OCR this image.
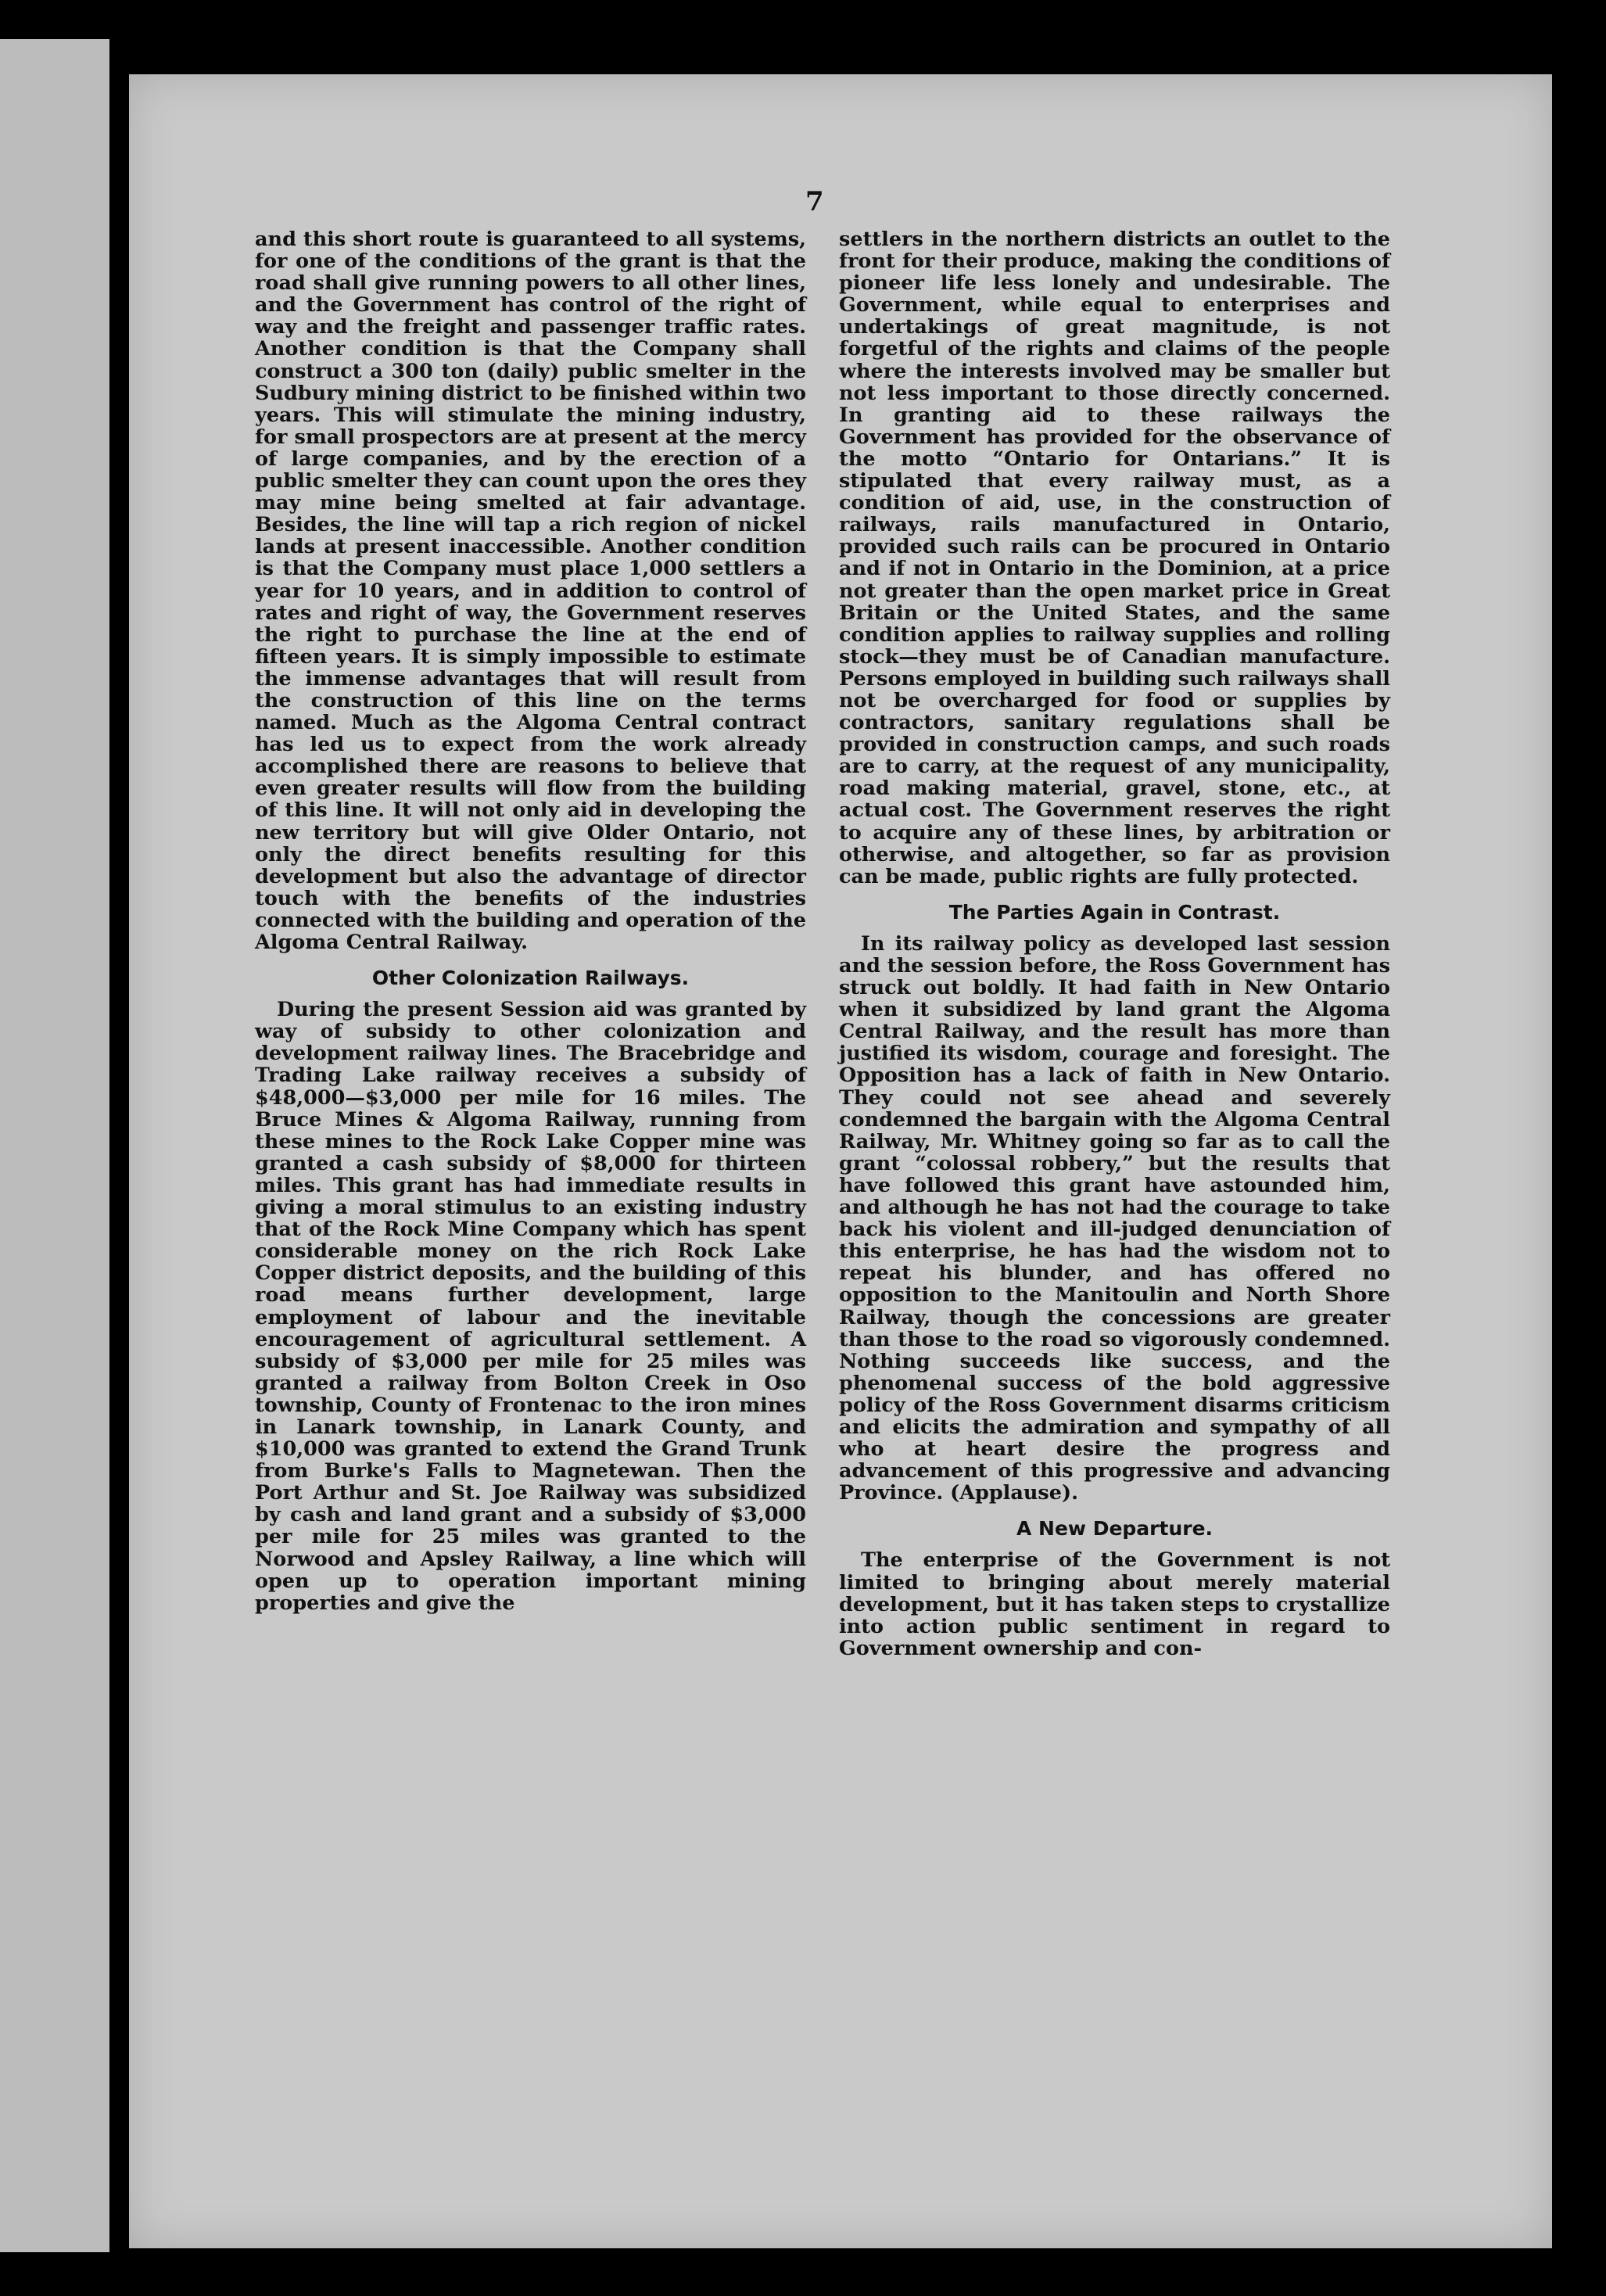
7

and this short route is guaranteed to all systems, for one of the conditions of the grant is that the road shall give running powers to all other lines, and the Government has control of the right of way and the freight and passenger traffic rates. Another condition is that the Company shall construct a 300 ton (daily) public smelter in the Sudbury mining district to be finished within two years. This will stimulate the mining industry, for small prospectors are at present at the mercy of large companies, and by the erection of a public smelter they can count upon the ores they may mine being smelted at fair advantage. Besides, the line will tap a rich region of nickel lands at present inaccessible. Another condition is that the Company must place 1,000 settlers a year for 10 years, and in addition to control of rates and right of way, the Government reserves the right to purchase the line at the end of fifteen years. It is simply impossible to estimate the immense advantages that will result from the construction of this line on the terms named. Much as the Algoma Central contract has led us to expect from the work already accomplished there are reasons to believe that even greater results will flow from the building of this line. It will not only aid in developing the new territory but will give Older Ontario, not only the direct benefits resulting for this development but also the advantage of director touch with the benefits of the industries connected with the building and operation of the Algoma Central Railway.

Other Colonization Railways.

During the present Session aid was granted by way of subsidy to other colonization and development railway lines. The Bracebridge and Trading Lake railway receives a subsidy of $48,000—$3,000 per mile for 16 miles. The Bruce Mines & Algoma Railway, running from these mines to the Rock Lake Copper mine was granted a cash subsidy of $8,000 for thirteen miles. This grant has had immediate results in giving a moral stimulus to an existing industry that of the Rock Mine Company which has spent considerable money on the rich Rock Lake Copper district deposits, and the building of this road means further development, large employment of labour and the inevitable encouragement of agricultural settlement. A subsidy of $3,000 per mile for 25 miles was granted a railway from Bolton Creek in Oso township, County of Frontenac to the iron mines in Lanark township, in Lanark County, and $10,000 was granted to extend the Grand Trunk from Burke's Falls to Magnetewan. Then the Port Arthur and St. Joe Railway was subsidized by cash and land grant and a subsidy of $3,000 per mile for 25 miles was granted to the Norwood and Apsley Railway, a line which will open up to operation important mining properties and give the

settlers in the northern districts an outlet to the front for their produce, making the conditions of pioneer life less lonely and undesirable. The Government, while equal to enterprises and undertakings of great magnitude, is not forgetful of the rights and claims of the people where the interests involved may be smaller but not less important to those directly concerned. In granting aid to these railways the Government has provided for the observance of the motto “Ontario for Ontarians.” It is stipulated that every railway must, as a condition of aid, use, in the construction of railways, rails manufactured in Ontario, provided such rails can be procured in Ontario and if not in Ontario in the Dominion, at a price not greater than the open market price in Great Britain or the United States, and the same condition applies to railway supplies and rolling stock—they must be of Canadian manufacture. Persons employed in building such railways shall not be overcharged for food or supplies by contractors, sanitary regulations shall be provided in construction camps, and such roads are to carry, at the request of any municipality, road making material, gravel, stone, etc., at actual cost. The Government reserves the right to acquire any of these lines, by arbitration or otherwise, and altogether, so far as provision can be made, public rights are fully protected.

The Parties Again in Contrast.

In its railway policy as developed last session and the session before, the Ross Government has struck out boldly. It had faith in New Ontario when it subsidized by land grant the Algoma Central Railway, and the result has more than justified its wisdom, courage and foresight. The Opposition has a lack of faith in New Ontario. They could not see ahead and severely condemned the bargain with the Algoma Central Railway, Mr. Whitney going so far as to call the grant “colossal robbery,” but the results that have followed this grant have astounded him, and although he has not had the courage to take back his violent and ill-judged denunciation of this enterprise, he has had the wisdom not to repeat his blunder, and has offered no opposition to the Manitoulin and North Shore Railway, though the concessions are greater than those to the road so vigorously condemned. Nothing succeeds like success, and the phenomenal success of the bold aggressive policy of the Ross Government disarms criticism and elicits the admiration and sympathy of all who at heart desire the progress and advancement of this progressive and advancing Province. (Applause).

A New Departure.

The enterprise of the Government is not limited to bringing about merely material development, but it has taken steps to crystallize into action public sentiment in regard to Government ownership and con-
